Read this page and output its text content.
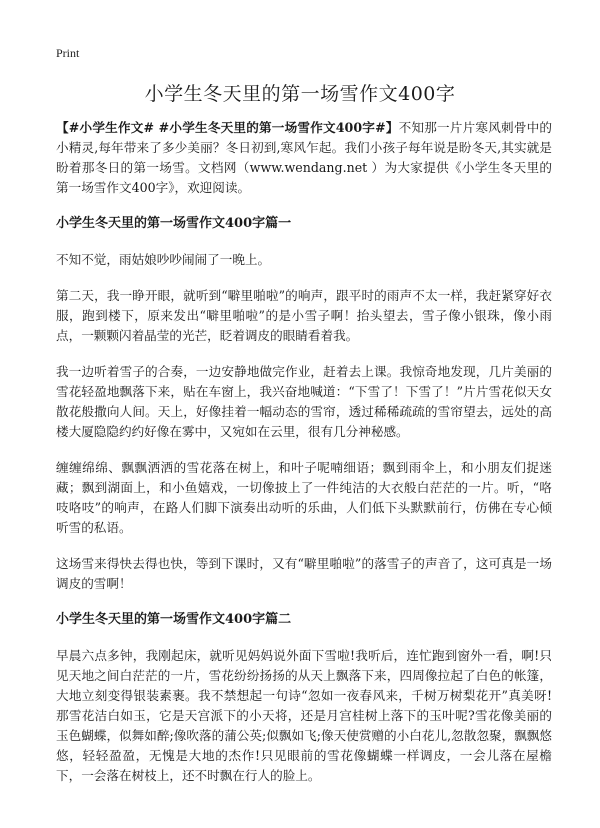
Print
小学生冬天里的第一场雪作文400字

【#小学生作文# #小学生冬天里的第一场雪作文400字#】不知那一片片寒风刺骨中的小精灵,每年带来了多少美丽？冬日初到,寒风乍起。我们小孩子每年说是盼冬天,其实就是盼着那冬日的第一场雪。文档网（www.wendang.net ）为大家提供《小学生冬天里的第一场雪作文400字》，欢迎阅读。

小学生冬天里的第一场雪作文400字篇一

不知不觉，雨姑娘吵吵闹闹了一晚上。

第二天，我一睁开眼，就听到“噼里啪啦”的响声，跟平时的雨声不太一样，我赶紧穿好衣服，跑到楼下，原来发出“噼里啪啦”的是小雪子啊！抬头望去，雪子像小银珠，像小雨点，一颗颗闪着晶莹的光芒，眨着调皮的眼睛看着我。

我一边听着雪子的合奏，一边安静地做完作业，赶着去上课。我惊奇地发现，几片美丽的雪花轻盈地飘落下来，贴在车窗上，我兴奋地喊道：“下雪了！下雪了！”片片雪花似天女散花般撒向人间。天上，好像挂着一幅动态的雪帘，透过稀稀疏疏的雪帘望去，远处的高楼大厦隐隐约约好像在雾中，又宛如在云里，很有几分神秘感。

缠缠绵绵、飘飘洒洒的雪花落在树上，和叶子呢喃细语；飘到雨伞上，和小朋友们捉迷藏；飘到湖面上，和小鱼嬉戏，一切像披上了一件纯洁的大衣般白茫茫的一片。听，“咯吱咯吱”的响声，在路人们脚下演奏出动听的乐曲，人们低下头默默前行，仿佛在专心倾听雪的私语。

这场雪来得快去得也快，等到下课时，又有“噼里啪啦”的落雪子的声音了，这可真是一场调皮的雪啊！

小学生冬天里的第一场雪作文400字篇二

早晨六点多钟，我刚起床，就听见妈妈说外面下雪啦!我听后，连忙跑到窗外一看，啊!只见天地之间白茫茫的一片，雪花纷纷扬扬的从天上飘落下来，四周像拉起了白色的帐篷，大地立刻变得银装素裹。我不禁想起一句诗“忽如一夜春风来，千树万树梨花开”真美呀!那雪花洁白如玉，它是天宫派下的小天将，还是月宫桂树上落下的玉叶呢?雪花像美丽的玉色蝴蝶，似舞如醉;像吹落的蒲公英;似飘如飞;像天使赏赠的小白花儿,忽散忽聚，飘飘悠悠，轻轻盈盈，无愧是大地的杰作!只见眼前的雪花像蝴蝶一样调皮，一会儿落在屋檐下，一会落在树枝上，还不时飘在行人的脸上。
